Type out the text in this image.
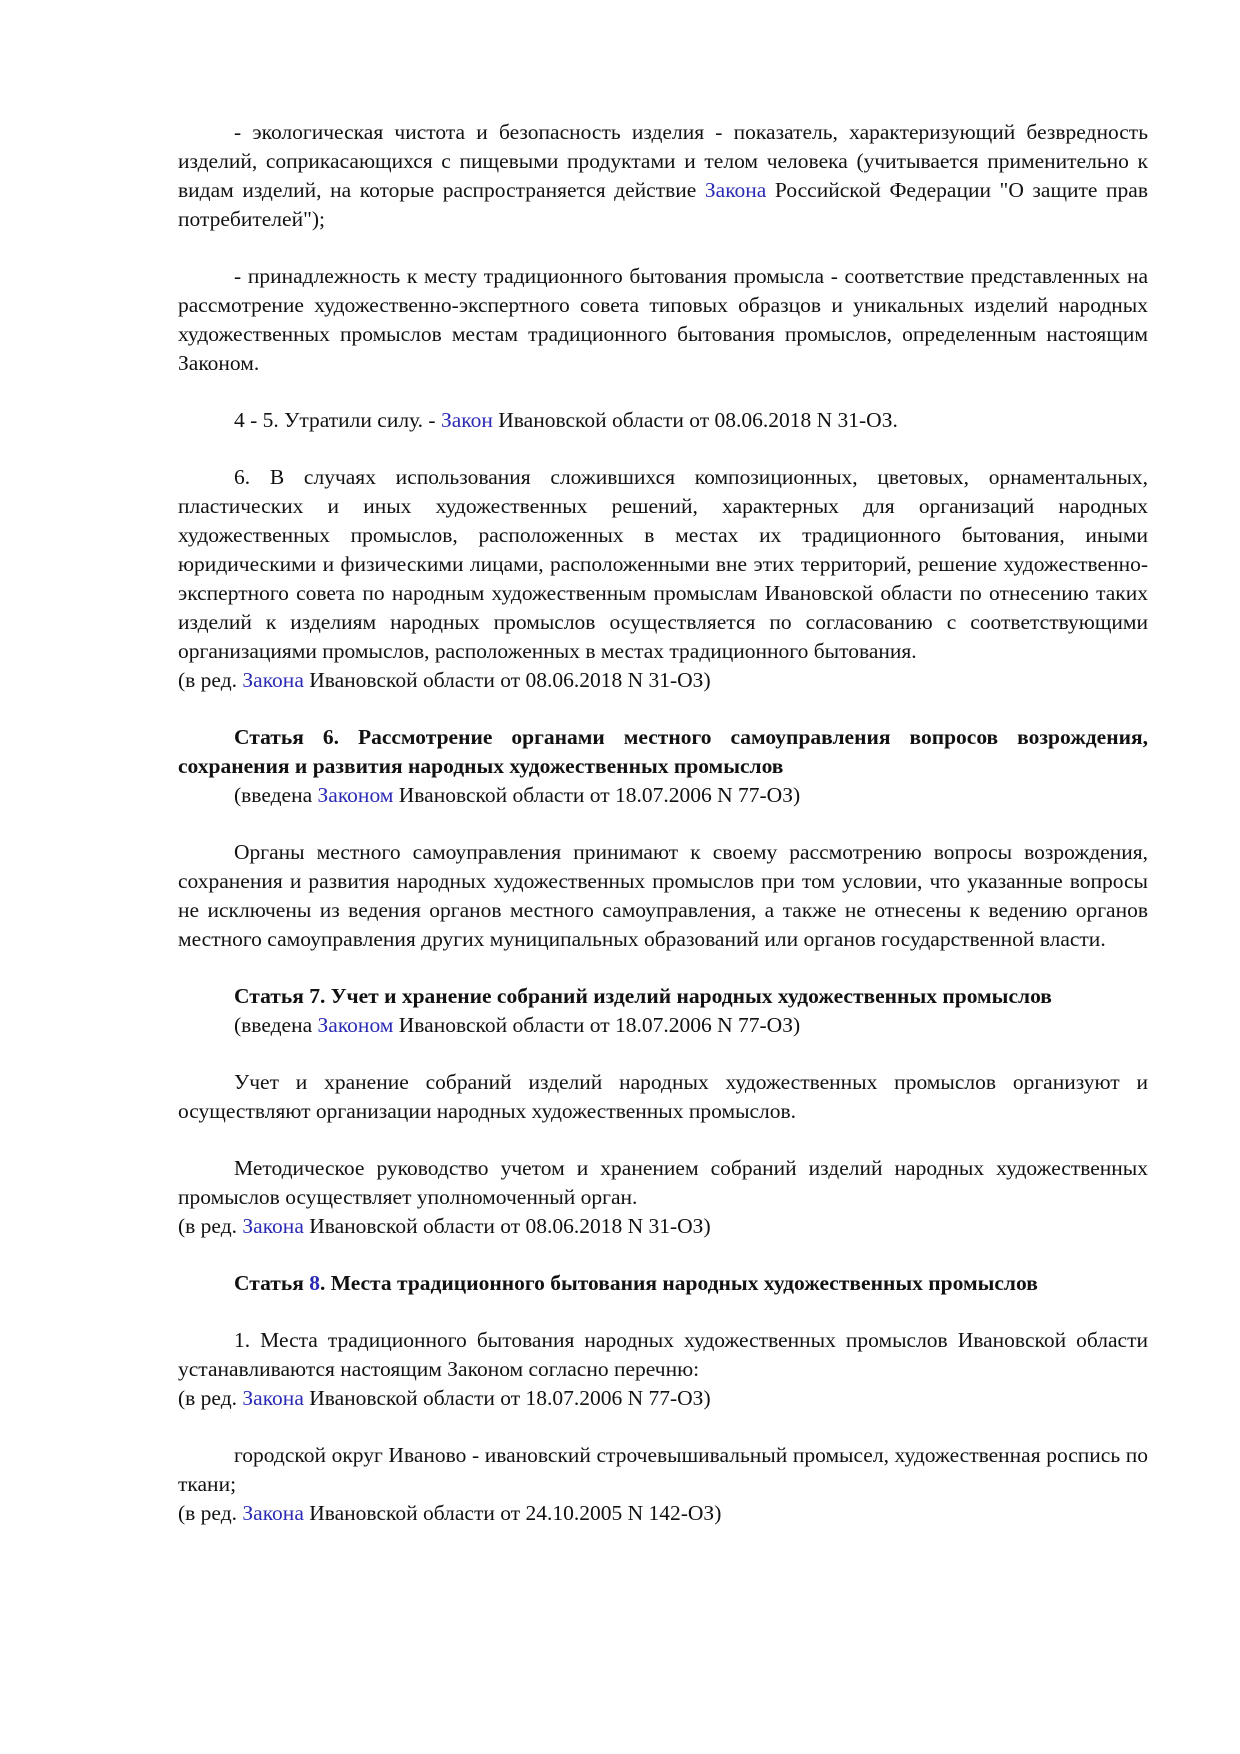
- экологическая чистота и безопасность изделия - показатель, характеризующий безвредность изделий, соприкасающихся с пищевыми продуктами и телом человека (учитывается применительно к видам изделий, на которые распространяется действие Закона Российской Федерации "О защите прав потребителей");

- принадлежность к месту традиционного бытования промысла - соответствие представленных на рассмотрение художественно-экспертного совета типовых образцов и уникальных изделий народных художественных промыслов местам традиционного бытования промыслов, определенным настоящим Законом.

4 - 5. Утратили силу. - Закон Ивановской области от 08.06.2018 N 31-ОЗ.

6. В случаях использования сложившихся композиционных, цветовых, орнаментальных, пластических и иных художественных решений, характерных для организаций народных художественных промыслов, расположенных в местах их традиционного бытования, иными юридическими и физическими лицами, расположенными вне этих территорий, решение художественно-экспертного совета по народным художественным промыслам Ивановской области по отнесению таких изделий к изделиям народных промыслов осуществляется по согласованию с соответствующими организациями промыслов, расположенных в местах традиционного бытования.

(в ред. Закона Ивановской области от 08.06.2018 N 31-ОЗ)

Статья 6. Рассмотрение органами местного самоуправления вопросов возрождения, сохранения и развития народных художественных промыслов

(введена Законом Ивановской области от 18.07.2006 N 77-ОЗ)

Органы местного самоуправления принимают к своему рассмотрению вопросы возрождения, сохранения и развития народных художественных промыслов при том условии, что указанные вопросы не исключены из ведения органов местного самоуправления, а также не отнесены к ведению органов местного самоуправления других муниципальных образований или органов государственной власти.

Статья 7. Учет и хранение собраний изделий народных художественных промыслов

(введена Законом Ивановской области от 18.07.2006 N 77-ОЗ)

Учет и хранение собраний изделий народных художественных промыслов организуют и осуществляют организации народных художественных промыслов.

Методическое руководство учетом и хранением собраний изделий народных художественных промыслов осуществляет уполномоченный орган.

(в ред. Закона Ивановской области от 08.06.2018 N 31-ОЗ)

Статья 8. Места традиционного бытования народных художественных промыслов

1. Места традиционного бытования народных художественных промыслов Ивановской области устанавливаются настоящим Законом согласно перечню:

(в ред. Закона Ивановской области от 18.07.2006 N 77-ОЗ)

городской округ Иваново - ивановский строчевышивальный промысел, художественная роспись по ткани;

(в ред. Закона Ивановской области от 24.10.2005 N 142-ОЗ)
